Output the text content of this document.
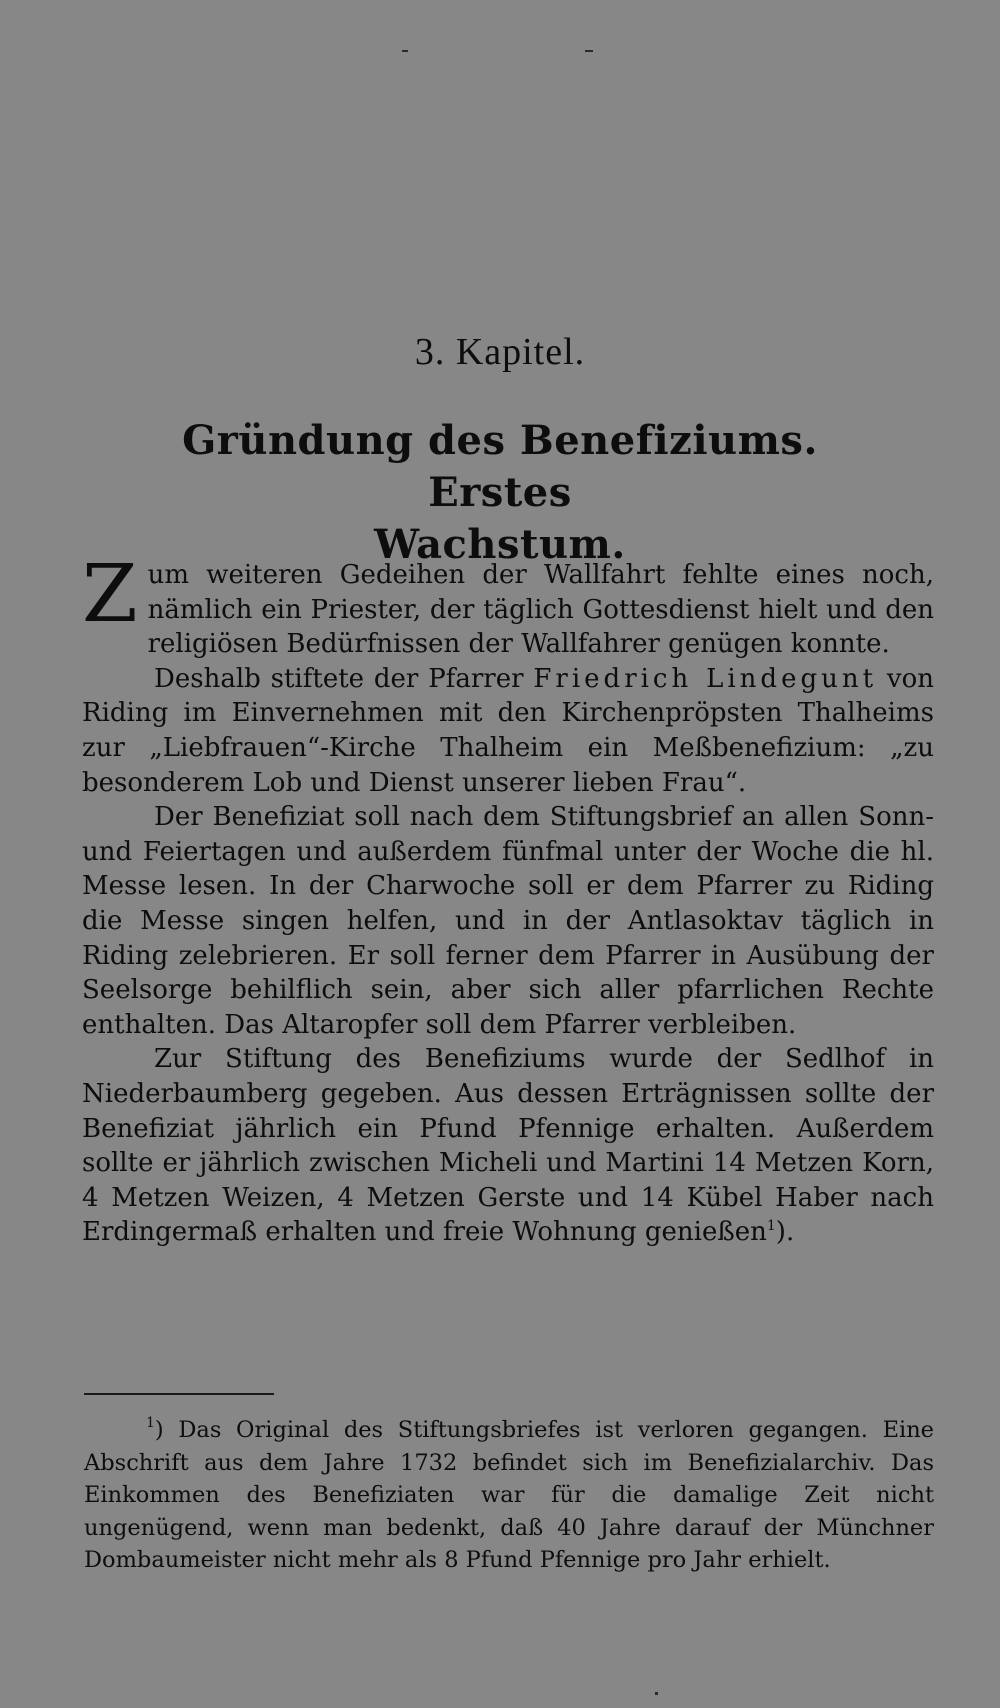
3. Kapitel.
Gründung des Benefiziums. Erstes
Wachstum.

Zum weiteren Gedeihen der Wallfahrt fehlte eines noch, nämlich ein Priester, der täglich Gottesdienst hielt und den religiösen Bedürfnissen der Wallfahrer genügen konnte.

Deshalb stiftete der Pfarrer Friedrich Lindegunt von Riding im Einvernehmen mit den Kirchenpröpsten Thalheims zur „Liebfrauen“-Kirche Thalheim ein Meßbenefizium: „zu besonderem Lob und Dienst unserer lieben Frau“.

Der Benefiziat soll nach dem Stiftungsbrief an allen Sonn- und Feiertagen und außerdem fünfmal unter der Woche die hl. Messe lesen. In der Charwoche soll er dem Pfarrer zu Riding die Messe singen helfen, und in der Antlasoktav täglich in Riding zelebrieren. Er soll ferner dem Pfarrer in Ausübung der Seelsorge behilflich sein, aber sich aller pfarrlichen Rechte enthalten. Das Altaropfer soll dem Pfarrer verbleiben.

Zur Stiftung des Benefiziums wurde der Sedlhof in Niederbaumberg gegeben. Aus dessen Erträgnissen sollte der Benefiziat jährlich ein Pfund Pfennige erhalten. Außerdem sollte er jährlich zwischen Micheli und Martini 14 Metzen Korn, 4 Metzen Weizen, 4 Metzen Gerste und 14 Kübel Haber nach Erdingermaß erhalten und freie Wohnung genießen$^1$).

$^1$) Das Original des Stiftungsbriefes ist verloren gegangen. Eine Abschrift aus dem Jahre 1732 befindet sich im Benefizialarchiv. Das Einkommen des Benefiziaten war für die damalige Zeit nicht ungenügend, wenn man bedenkt, daß 40 Jahre darauf der Münchner Dombaumeister nicht mehr als 8 Pfund Pfennige pro Jahr erhielt.
